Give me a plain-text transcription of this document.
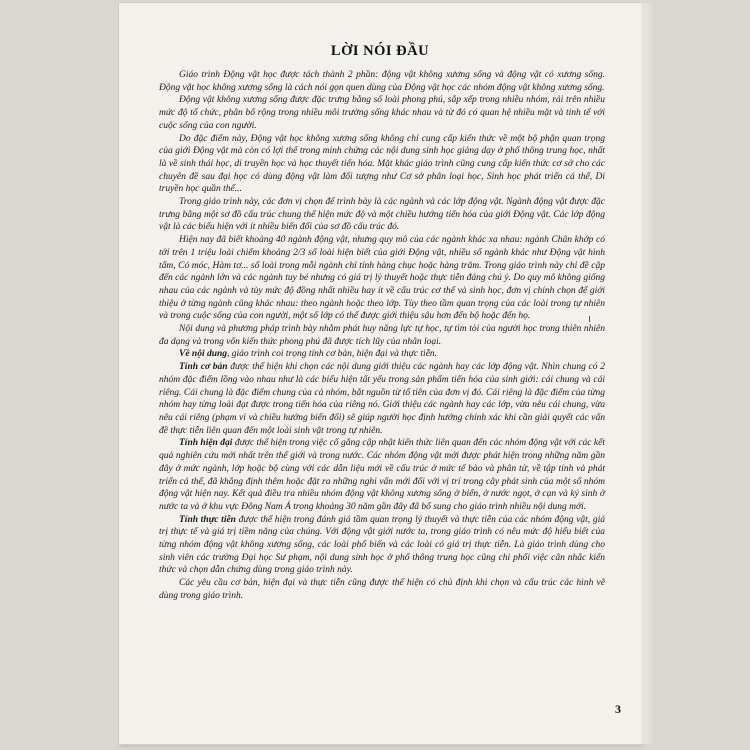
LỜI NÓI ĐẦU

Giáo trình Động vật học được tách thành 2 phần: động vật không xương sống và động vật có xương sống. Động vật học không xương sống là cách nói gọn quen dùng của Động vật học các nhóm động vật không xương sống.

Động vật không xương sống được đặc trưng bằng số loài phong phú, sắp xếp trong nhiều nhóm, rải trên nhiều mức độ tổ chức, phân bố rộng trong nhiều môi trường sống khác nhau và từ đó có quan hệ nhiều mặt và tinh tế với cuộc sống của con người.

Do đặc điểm này, Động vật học không xương sống không chỉ cung cấp kiến thức về một bộ phận quan trọng của giới Động vật mà còn có lợi thế trong minh chứng các nội dung sinh học giảng dạy ở phổ thông trung học, nhất là về sinh thái học, di truyền học và học thuyết tiến hóa. Mặt khác giáo trình cũng cung cấp kiến thức cơ sở cho các chuyên đề sau đại học có dùng động vật làm đối tượng như Cơ sở phân loại học, Sinh học phát triển cá thể, Di truyền học quần thể...

Trong giáo trình này, các đơn vị chọn để trình bày là các ngành và các lớp động vật. Ngành động vật được đặc trưng bằng một sơ đồ cấu trúc chung thể hiện mức độ và một chiều hướng tiến hóa của giới Động vật. Các lớp động vật là các biểu hiện với ít nhiều biến đổi của sơ đồ cấu trúc đó.

Hiện nay đã biết khoảng 40 ngành động vật, nhưng quy mô của các ngành khác xa nhau: ngành Chân khớp có tới trên 1 triệu loài chiếm khoảng 2/3 số loài hiện biết của giới Động vật, nhiều số ngành khác như Động vật hình tấm, Có móc, Hàm tơ... số loài trong mỗi ngành chỉ tính hàng chục hoặc hàng trăm. Trong giáo trình này chỉ đề cập đến các ngành lớn và các ngành tuy bé nhưng có giá trị lý thuyết hoặc thực tiễn đáng chú ý. Do quy mô không giống nhau của các ngành và tùy mức độ đồng nhất nhiều hay ít về cấu trúc cơ thể và sinh học, đơn vị chính chọn để giới thiệu ở từng ngành cũng khác nhau: theo ngành hoặc theo lớp. Tùy theo tầm quan trọng của các loài trong tự nhiên và trong cuộc sống của con người, một số lớp có thể được giới thiệu sâu hơn đến bộ hoặc đến họ.

Nội dung và phương pháp trình bày nhằm phát huy năng lực tự học, tự tìm tòi của người học trong thiên nhiên đa dạng và trong vốn kiến thức phong phú đã được tích lũy của nhân loại.

Về nội dung, giáo trình coi trọng tính cơ bản, hiện đại và thực tiễn.

Tính cơ bản được thể hiện khi chọn các nội dung giới thiệu các ngành hay các lớp động vật. Nhìn chung có 2 nhóm đặc điểm lồng vào nhau như là các biểu hiện tất yếu trong sản phẩm tiến hóa của sinh giới: cái chung và cái riêng. Cái chung là đặc điểm chung của cả nhóm, bắt nguồn từ tổ tiên của đơn vị đó. Cái riêng là đặc điểm của từng nhóm hay từng loài đạt được trong tiến hóa của riêng nó. Giới thiệu các ngành hay các lớp, vừa nêu cái chung, vừa nêu cái riêng (phạm vi và chiều hướng biến đổi) sẽ giúp người học định hướng chính xác khi cần giải quyết các vấn đề thực tiễn liên quan đến một loài sinh vật trong tự nhiên.

Tính hiện đại được thể hiện trong việc cố gắng cập nhật kiến thức liên quan đến các nhóm động vật với các kết quả nghiên cứu mới nhất trên thế giới và trong nước. Các nhóm động vật mới được phát hiện trong những năm gần đây ở mức ngành, lớp hoặc bộ cùng với các dẫn liệu mới về cấu trúc ở mức tế bào và phân tử, về tập tính và phát triển cá thể, đã khẳng định thêm hoặc đặt ra những nghi vấn mới đối với vị trí trong cây phát sinh của một số nhóm động vật hiện nay. Kết quả điều tra nhiều nhóm động vật không xương sống ở biển, ở nước ngọt, ở cạn và ký sinh ở nước ta và ở khu vực Đông Nam Á trong khoảng 30 năm gần đây đã bổ sung cho giáo trình nhiều nội dung mới.

Tính thực tiễn được thể hiện trong đánh giá tầm quan trọng lý thuyết và thực tiễn của các nhóm động vật, giá trị thực tế và giá trị tiềm năng của chúng. Với động vật giới nước ta, trong giáo trình có nêu mức độ hiểu biết của từng nhóm động vật không xương sống, các loài phổ biến và các loài có giá trị thực tiễn. Là giáo trình dùng cho sinh viên các trường Đại học Sư phạm, nội dung sinh học ở phổ thông trung học cũng chi phối việc cân nhắc kiến thức và chọn dẫn chứng dùng trong giáo trình này.

Các yêu cầu cơ bản, hiện đại và thực tiễn cũng được thể hiện có chủ định khi chọn và cấu trúc các hình vẽ dùng trong giáo trình.

3
